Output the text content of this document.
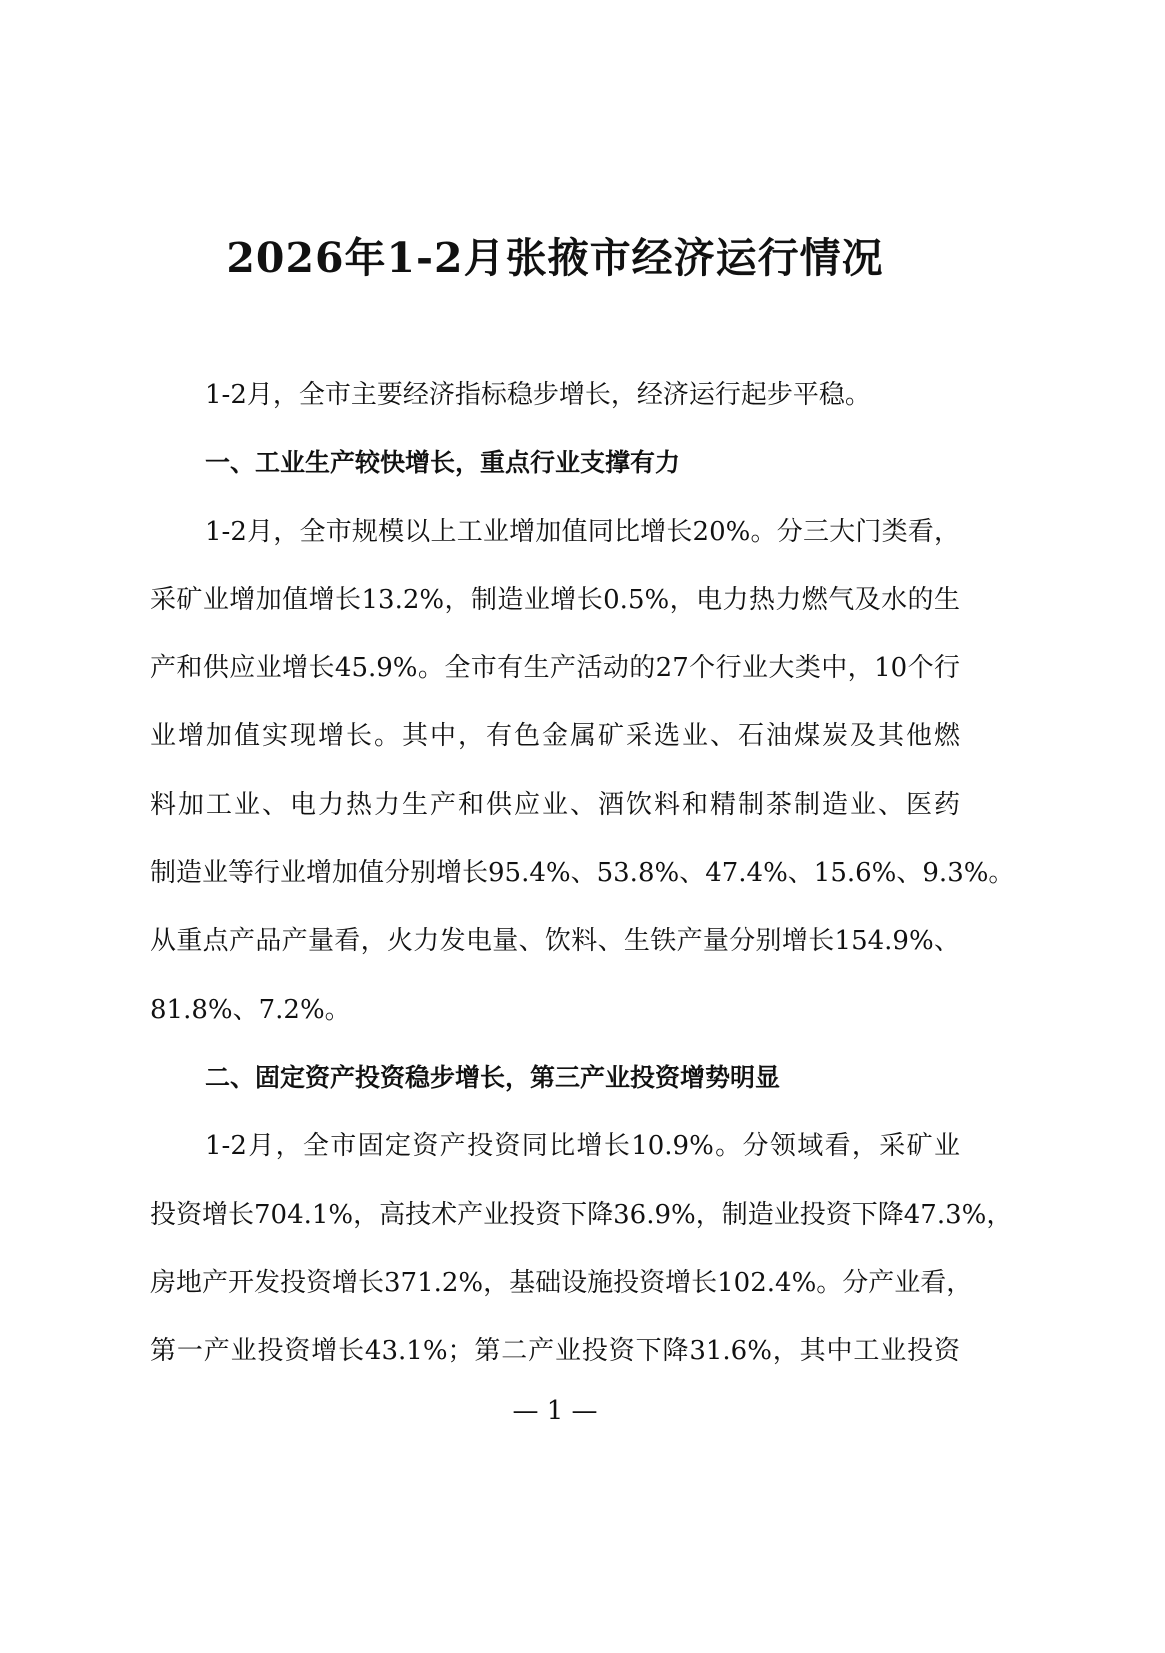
2026年1-2月张掖市经济运行情况
1-2月，全市主要经济指标稳步增长，经济运行起步平稳。
一、工业生产较快增长，重点行业支撑有力
1-2月，全市规模以上工业增加值同比增长20%。分三大门类看，
采矿业增加值增长13.2%，制造业增长0.5%，电力热力燃气及水的生
产和供应业增长45.9%。全市有生产活动的27个行业大类中，10个行
业增加值实现增长。其中，有色金属矿采选业、石油煤炭及其他燃
料加工业、电力热力生产和供应业、酒饮料和精制茶制造业、医药
制造业等行业增加值分别增长95.4%、53.8%、47.4%、15.6%、9.3%。
从重点产品产量看，火力发电量、饮料、生铁产量分别增长154.9%、
81.8%、7.2%。
二、固定资产投资稳步增长，第三产业投资增势明显
1-2月，全市固定资产投资同比增长10.9%。分领域看，采矿业
投资增长704.1%，高技术产业投资下降36.9%，制造业投资下降47.3%，
房地产开发投资增长371.2%，基础设施投资增长102.4%。分产业看，
第一产业投资增长43.1%；第二产业投资下降31.6%，其中工业投资
— 1 —
